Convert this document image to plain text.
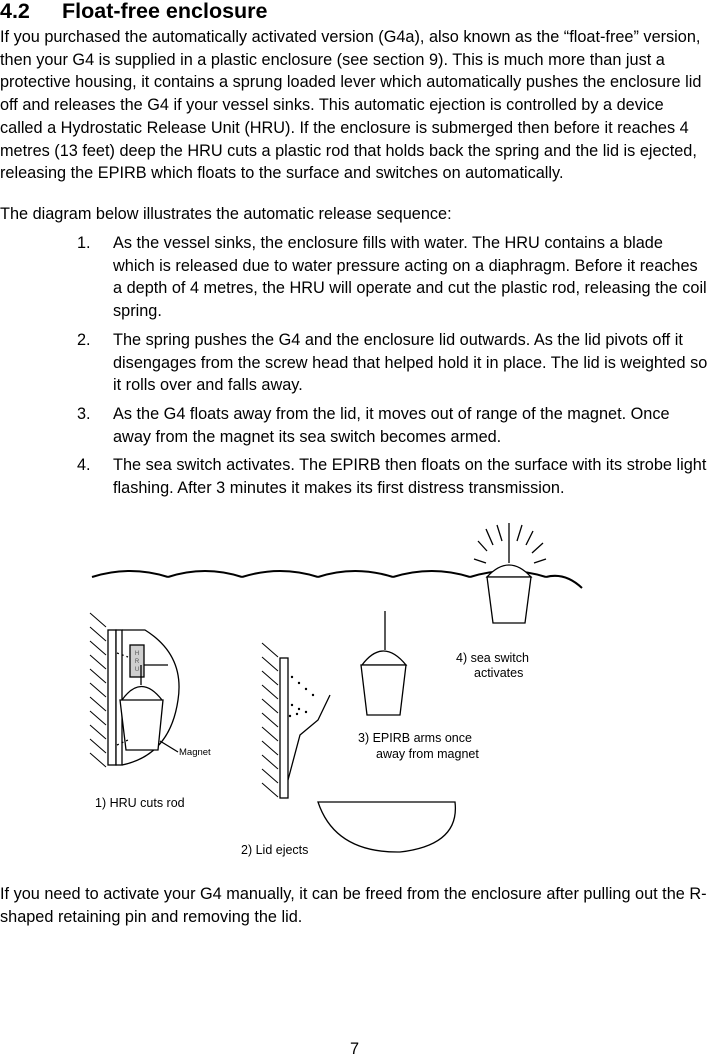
4.2 Float-free enclosure

If you purchased the automatically activated version (G4a), also known as the “float-free” version, then your G4 is supplied in a plastic enclosure (see section 9). This is much more than just a protective housing, it contains a sprung loaded lever which automatically pushes the enclosure lid off and releases the G4 if your vessel sinks. This automatic ejection is controlled by a device called a Hydrostatic Release Unit (HRU). If the enclosure is submerged then before it reaches 4 metres (13 feet) deep the HRU cuts a plastic rod that holds back the spring and the lid is ejected, releasing the EPIRB which floats to the surface and switches on automatically.

The diagram below illustrates the automatic release sequence:

1. As the vessel sinks, the enclosure fills with water. The HRU contains a blade which is released due to water pressure acting on a diaphragm. Before it reaches a depth of 4 metres, the HRU will operate and cut the plastic rod, releasing the coil spring.
2. The spring pushes the G4 and the enclosure lid outwards. As the lid pivots off it disengages from the screw head that helped hold it in place. The lid is weighted so it rolls over and falls away.
3. As the G4 floats away from the lid, it moves out of range of the magnet. Once away from the magnet its sea switch becomes armed.
4. The sea switch activates. The EPIRB then floats on the surface with its strobe light flashing. After 3 minutes it makes its first distress transmission.
H
R
U
Magnet
1) HRU cuts rod
2) Lid ejects
3) EPIRB arms once
away from magnet
4) sea switch
activates

If you need to activate your G4 manually, it can be freed from the enclosure after pulling out the R-shaped retaining pin and removing the lid.

7
